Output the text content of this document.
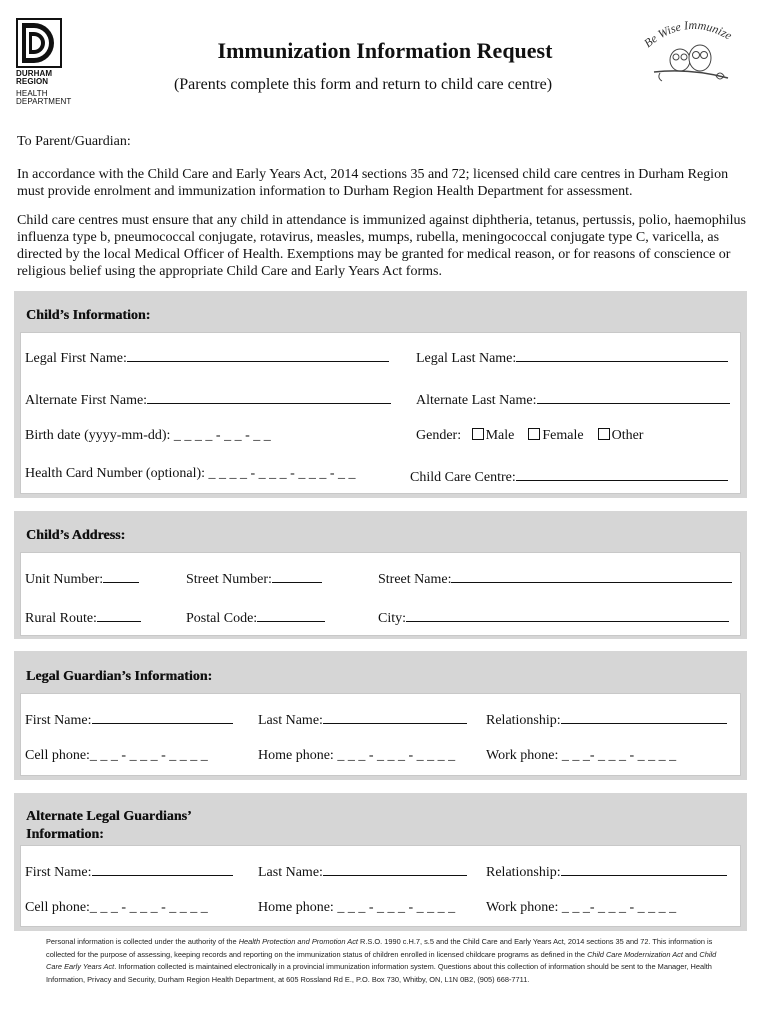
DURHAM
REGION
HEALTH
DEPARTMENT
Immunization Information Request
(Parents complete this form and return to child care centre)
Be Wise Immunize
To Parent/Guardian:
In accordance with the Child Care and Early Years Act, 2014 sections 35 and 72; licensed child care centres in Durham Region must provide enrolment and immunization information to Durham Region Health Department for assessment.
Child care centres must ensure that any child in attendance is immunized against diphtheria, tetanus, pertussis, polio, haemophilus influenza type b, pneumococcal conjugate, rotavirus, measles, mumps, rubella, meningococcal conjugate type C, varicella, as directed by the local Medical Officer of Health. Exemptions may be granted for medical reason, or for reasons of conscience or religious belief using the appropriate Child Care and Early Years Act forms.
Child’s Information:
Legal First Name:	Legal Last Name:
Alternate First Name:	Alternate Last Name:
Birth date (yyyy-mm-dd): _ _ _ _ - _ _ - _ _	Gender: Male Female Other
Health Card Number (optional): _ _ _ _ - _ _ _ - _ _ _ - _ _	Child Care Centre:
Child’s Address:
Unit Number:	Street Number:	Street Name:
Rural Route:	Postal Code:	City:
Legal Guardian’s Information:
First Name:	Last Name:	Relationship:
Cell phone:_ _ _ - _ _ _ - _ _ _ _	Home phone: _ _ _ - _ _ _ - _ _ _ _ Work phone: _ _ _- _ _ _ - _ _ _ _
Alternate Legal Guardians’
Information:
First Name:	Last Name:	Relationship:
Cell phone:_ _ _ - _ _ _ - _ _ _ _	Home phone: _ _ _ - _ _ _ - _ _ _ _ Work phone: _ _ _- _ _ _ - _ _ _ _
Personal information is collected under the authority of the Health Protection and Promotion Act R.S.O. 1990 c.H.7, s.5 and the Child Care and Early Years Act, 2014 sections 35 and 72. This information is collected for the purpose of assessing, keeping records and reporting on the immunization status of children enrolled in licensed childcare programs as defined in the Child Care Modernization Act and Child Care Early Years Act. Information collected is maintained electronically in a provincial immunization information system. Questions about this collection of information should be sent to the Manager, Health Information, Privacy and Security, Durham Region Health Department, at 605 Rossland Rd E., P.O. Box 730, Whitby, ON, L1N 0B2, (905) 668-7711.
